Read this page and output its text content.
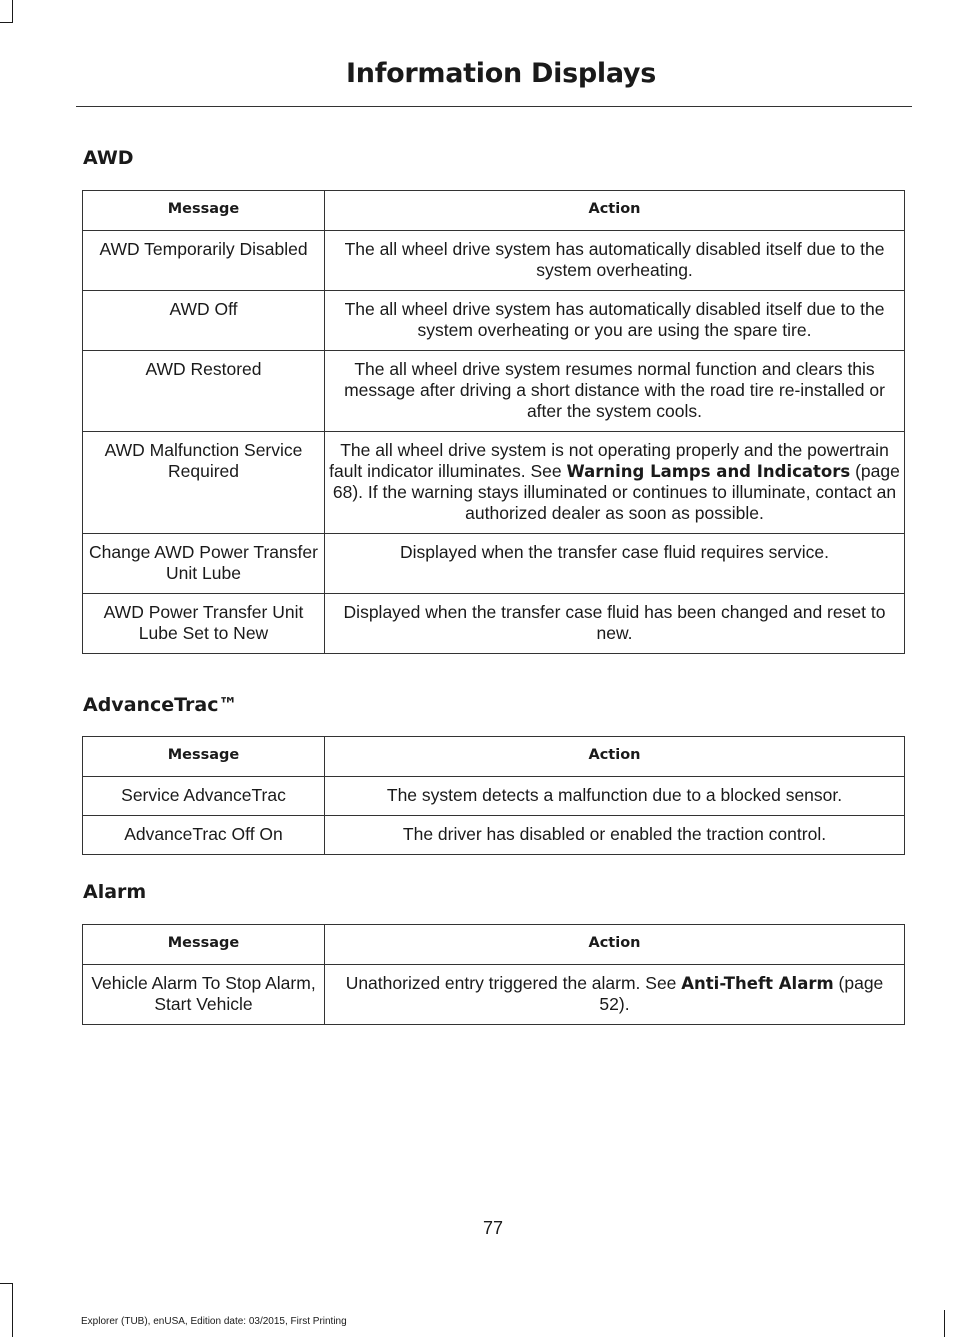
Information Displays
AWD
Message	Action
AWD Temporarily Disabled	The all wheel drive system has automatically disabled itself due to the system overheating.
AWD Off	The all wheel drive system has automatically disabled itself due to the system overheating or you are using the spare tire.
AWD Restored	The all wheel drive system resumes normal function and clears this message after driving a short distance with the road tire re-installed or after the system cools.
AWD Malfunction Service Required	The all wheel drive system is not operating properly and the powertrain fault indicator illuminates. See Warning Lamps and Indicators (page 68). If the warning stays illuminated or continues to illuminate, contact an authorized dealer as soon as possible.
Change AWD Power Transfer Unit Lube	Displayed when the transfer case fluid requires service.
AWD Power Transfer Unit Lube Set to New	Displayed when the transfer case fluid has been changed and reset to new.
AdvanceTrac™
Message	Action
Service AdvanceTrac	The system detects a malfunction due to a blocked sensor.
AdvanceTrac Off On	The driver has disabled or enabled the traction control.
Alarm
Message	Action
Vehicle Alarm To Stop Alarm, Start Vehicle	Unathorized entry triggered the alarm. See Anti-Theft Alarm (page 52).
77
Explorer (TUB), enUSA, Edition date: 03/2015, First Printing
